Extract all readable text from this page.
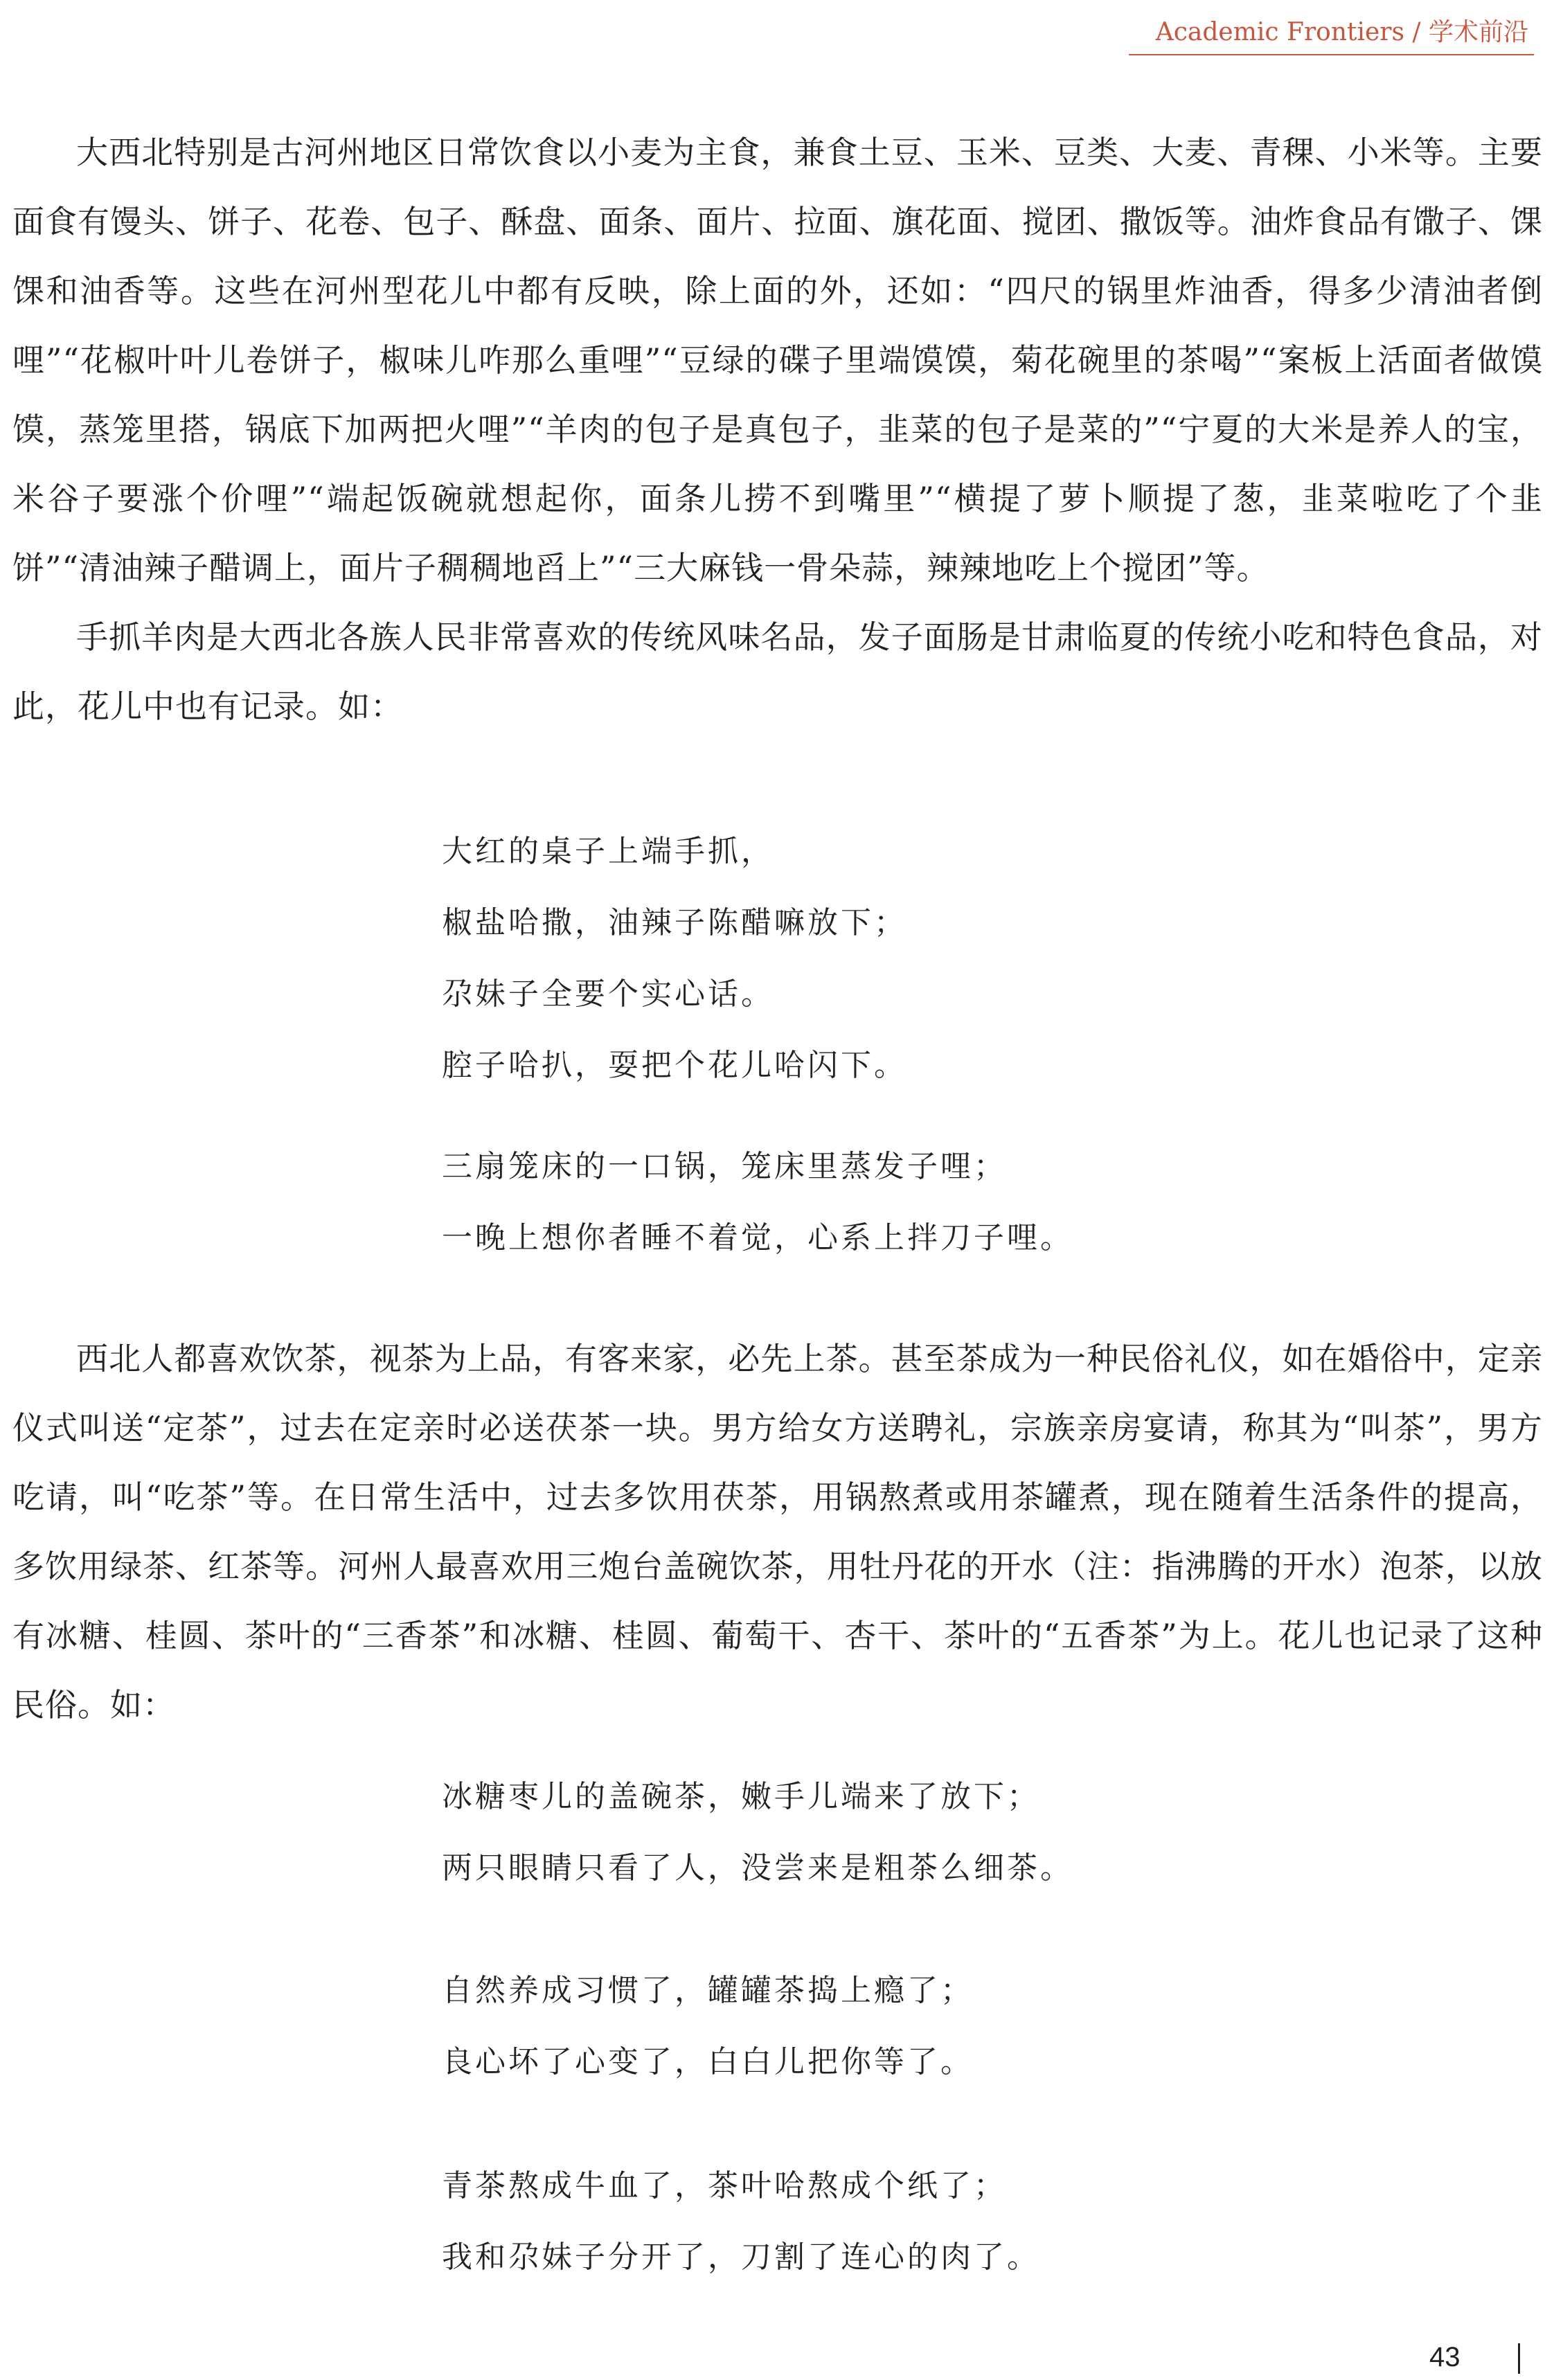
Academic Frontiers / 学术前沿

大西北特别是古河州地区日常饮食以小麦为主食，兼食土豆、玉米、豆类、大麦、青稞、小米等。主要面食有馒头、饼子、花卷、包子、酥盘、面条、面片、拉面、旗花面、搅团、撒饭等。油炸食品有馓子、馃馃和油香等。这些在河州型花儿中都有反映，除上面的外，还如：“四尺的锅里炸油香，得多少清油者倒哩”“花椒叶叶儿卷饼子，椒味儿咋那么重哩”“豆绿的碟子里端馍馍，菊花碗里的茶喝”“案板上活面者做馍馍，蒸笼里搭，锅底下加两把火哩”“羊肉的包子是真包子，韭菜的包子是菜的”“宁夏的大米是养人的宝，米谷子要涨个价哩”“端起饭碗就想起你，面条儿捞不到嘴里”“横提了萝卜顺提了葱，韭菜啦吃了个韭饼”“清油辣子醋调上，面片子稠稠地舀上”“三大麻钱一骨朵蒜，辣辣地吃上个搅团”等。

手抓羊肉是大西北各族人民非常喜欢的传统风味名品，发子面肠是甘肃临夏的传统小吃和特色食品，对此，花儿中也有记录。如：

大红的桌子上端手抓，
椒盐哈撒，油辣子陈醋嘛放下；
尕妹子全要个实心话。
腔子哈扒，耍把个花儿哈闪下。
三扇笼床的一口锅，笼床里蒸发子哩；
一晚上想你者睡不着觉，心系上拌刀子哩。

西北人都喜欢饮茶，视茶为上品，有客来家，必先上茶。甚至茶成为一种民俗礼仪，如在婚俗中，定亲仪式叫送“定茶”，过去在定亲时必送茯茶一块。男方给女方送聘礼，宗族亲房宴请，称其为“叫茶”，男方吃请，叫“吃茶”等。在日常生活中，过去多饮用茯茶，用锅熬煮或用茶罐煮，现在随着生活条件的提高，多饮用绿茶、红茶等。河州人最喜欢用三炮台盖碗饮茶，用牡丹花的开水（注：指沸腾的开水）泡茶，以放有冰糖、桂圆、茶叶的“三香茶”和冰糖、桂圆、葡萄干、杏干、茶叶的“五香茶”为上。花儿也记录了这种民俗。如：

冰糖枣儿的盖碗茶，嫩手儿端来了放下；
两只眼睛只看了人，没尝来是粗茶么细茶。
自然养成习惯了，罐罐茶捣上瘾了；
良心坏了心变了，白白儿把你等了。
青茶熬成牛血了，茶叶哈熬成个纸了；
我和尕妹子分开了，刀割了连心的肉了。
43
